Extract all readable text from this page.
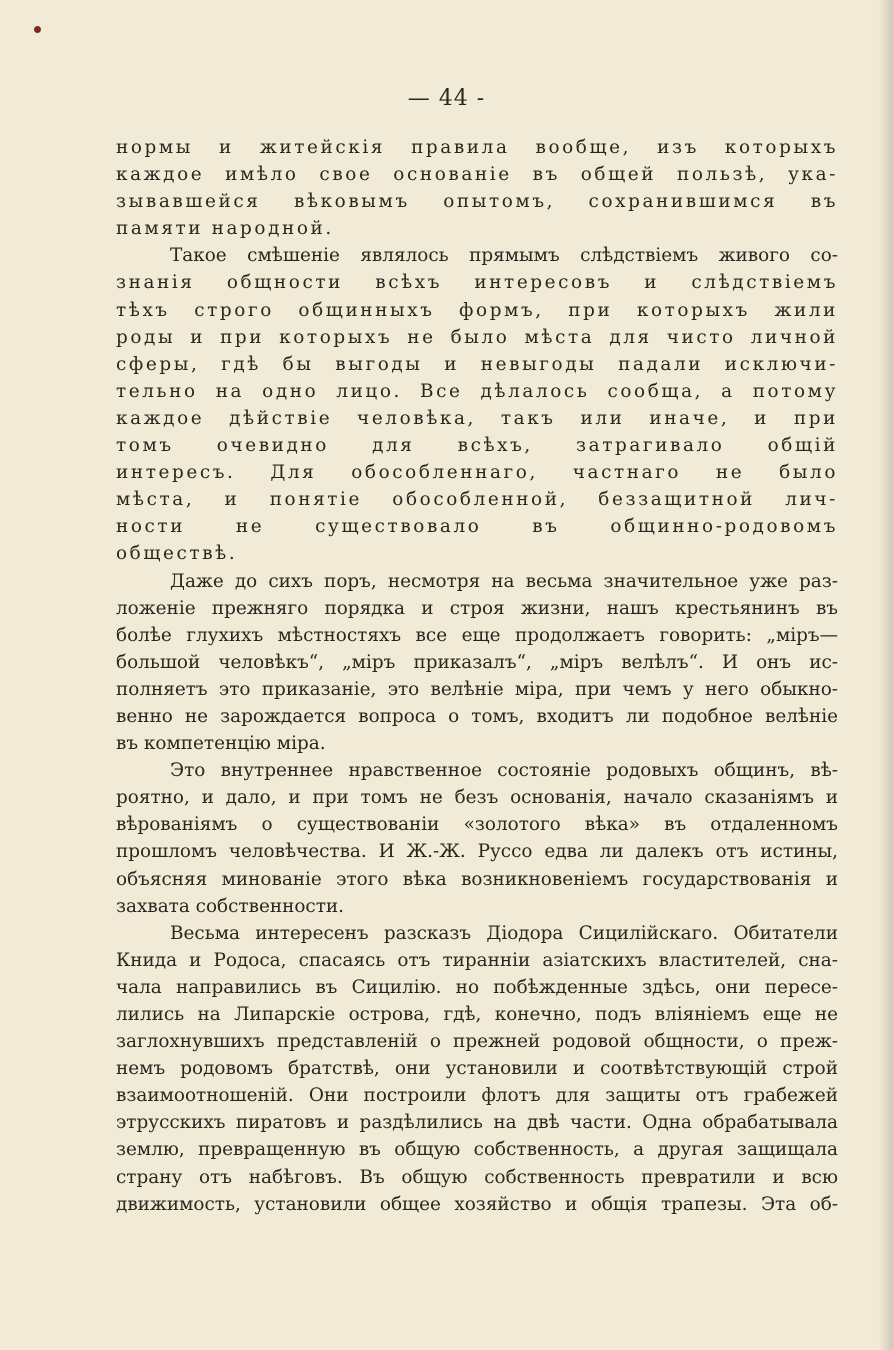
— 44 -
нормы и житейскія правила вообще, изъ которыхъ
каждое имѣло свое основаніе въ общей пользѣ, ука-
зывавшейся вѣковымъ опытомъ, сохранившимся въ
памяти народной.
Такое смѣшеніе являлось прямымъ слѣдствіемъ живого со-
знанія общности всѣхъ интересовъ и слѣдствіемъ
тѣхъ строго общинныхъ формъ, при которыхъ жили
роды и при которыхъ не было мѣста для чисто личной
сферы, гдѣ бы выгоды и невыгоды падали исключи-
тельно на одно лицо. Все дѣлалось сообща, а потому
каждое дѣйствіе человѣка, такъ или иначе, и при
томъ очевидно для всѣхъ, затрагивало общій
интересъ. Для обособленнаго, частнаго не было
мѣста, и понятіе обособленной, беззащитной лич-
ности не существовало въ общинно-родовомъ
обществѣ.
Даже до сихъ поръ, несмотря на весьма значительное уже раз-
ложеніе прежняго порядка и строя жизни, нашъ крестьянинъ въ
болѣе глухихъ мѣстностяхъ все еще продолжаетъ говорить: „міръ—
большой человѣкъ“, „міръ приказалъ“, „міръ велѣлъ“. И онъ ис-
полняетъ это приказаніе, это велѣніе міра, при чемъ у него обыкно-
венно не зарождается вопроса о томъ, входитъ ли подобное велѣніе
въ компетенцію міра.
Это внутреннее нравственное состояніе родовыхъ общинъ, вѣ-
роятно, и дало, и при томъ не безъ основанія, начало сказаніямъ и
вѣрованіямъ о существованіи «золотого вѣка» въ отдаленномъ
прошломъ человѣчества. И Ж.-Ж. Руссо едва ли далекъ отъ истины,
объясняя минованіе этого вѣка возникновеніемъ государствованія и
захвата собственности.
Весьма интересенъ разсказъ Діодора Сицилійскаго. Обитатели
Книда и Родоса, спасаясь отъ тиранніи азіатскихъ властителей, сна-
чала направились въ Сицилію. но побѣжденные здѣсь, они пересе-
лились на Липарскіе острова, гдѣ, конечно, подъ вліяніемъ еще не
заглохнувшихъ представленій о прежней родовой общности, о преж-
немъ родовомъ братствѣ, они установили и соотвѣтствующій строй
взаимоотношеній. Они построили флотъ для защиты отъ грабежей
этрусскихъ пиратовъ и раздѣлились на двѣ части. Одна обрабатывала
землю, превращенную въ общую собственность, а другая защищала
страну отъ набѣговъ. Въ общую собственность превратили и всю
движимость, установили общее хозяйство и общія трапезы. Эта об-
